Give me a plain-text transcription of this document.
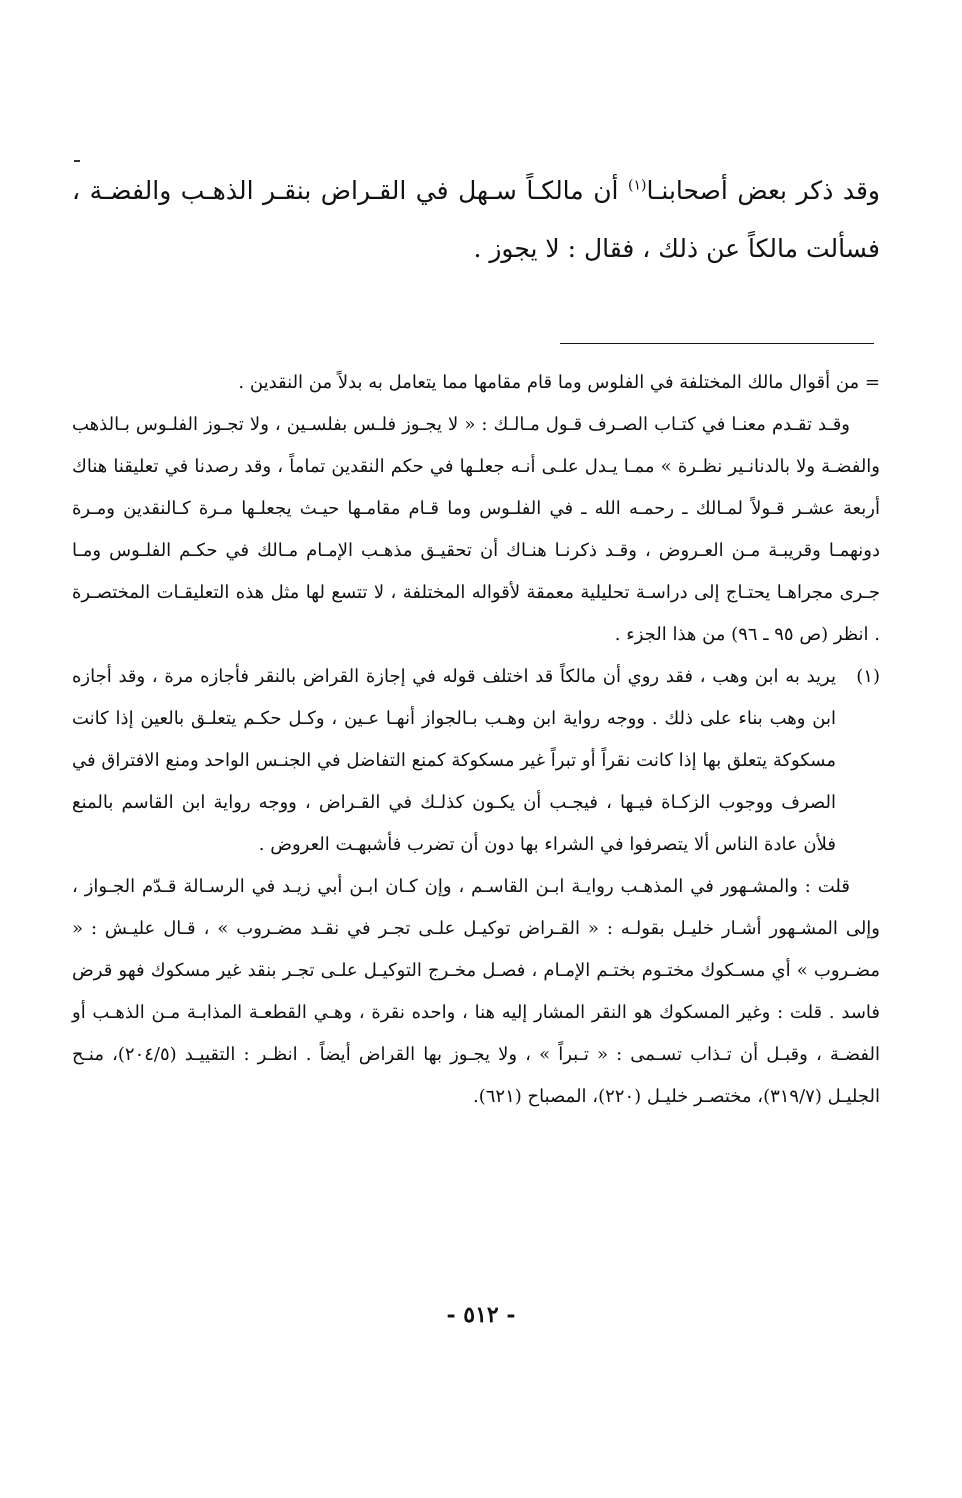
وقد ذكر بعض أصحابنـا$^{(١)}$ أن مالكـاً سـهل في القـراض بنقـر الذهـب والفضـة ، فسألت مالكاً عن ذلك ، فقال : لا يجوز .

= من أقوال مالك المختلفة في الفلوس وما قام مقامها مما يتعامل به بدلاً من النقدين .

وقـد تقـدم معنـا في كتـاب الصـرف قـول مـالـك : « لا يجـوز فلـس بفلسـين ، ولا تجـوز الفلـوس بـالذهب والفضـة ولا بالدنانـير نظـرة » ممـا يـدل علـى أنـه جعلـها في حكم النقدين تماماً ، وقد رصدنا في تعليقنا هناك أربعة عشـر قـولاً لمـالك ـ رحمـه الله ـ في الفلـوس وما قـام مقامـها حيـث يجعلـها مـرة كـالنقدين ومـرة دونهمـا وقريبـة مـن العـروض ، وقـد ذكرنـا هنـاك أن تحقيـق مذهـب الإمـام مـالك في حكـم الفلـوس ومـا جـرى مجراهـا يحتـاج إلى دراسـة تحليلية معمقة لأقواله المختلفة ، لا تتسع لها مثل هذه التعليقـات المختصـرة . انظر (ص ٩٥ ـ ٩٦) من هذا الجزء .

(١)

يريد به ابن وهب ، فقد روي أن مالكاً قد اختلف قوله في إجازة القراض بالنقر فأجازه مرة ، وقد أجازه ابن وهب بناء على ذلك . ووجه رواية ابن وهـب بـالجواز أنهـا عـين ، وكـل حكـم يتعلـق بالعين إذا كانت مسكوكة يتعلق بها إذا كانت نقراً أو تبراً غير مسكوكة كمنع التفاضل في الجنـس الواحد ومنع الافتراق في الصرف ووجوب الزكـاة فيـها ، فيجـب أن يكـون كذلـك في القـراض ، ووجه رواية ابن القاسم بالمنع فلأن عادة الناس ألا يتصرفوا في الشراء بها دون أن تضرب فأشبهـت العروض .

قلت : والمشـهور في المذهـب روايـة ابـن القاسـم ، وإن كـان ابـن أبي زيـد في الرسـالة قـدّم الجـواز ، وإلى المشـهور أشـار خليـل بقولـه : « القـراض توكيـل علـى تجـر في نقـد مضـروب » ، قـال عليـش : « مضـروب » أي مسـكوك مختـوم بختـم الإمـام ، فصـل مخـرج التوكيـل علـى تجـر بنقد غير مسكوك فهو قرض فاسد . قلت : وغير المسكوك هو النقر المشار إليه هنا ، واحده نقرة ، وهـي القطعـة المذابـة مـن الذهـب أو الفضـة ، وقبـل أن تـذاب تسـمى : « تـبراً » ، ولا يجـوز بها القراض أيضاً . انظـر : التقييـد (٢٠٤/٥)، منـح الجليـل (٣١٩/٧)، مختصـر خليـل (٢٢٠)، المصباح (٦٢١).

- ٥١٢ -
